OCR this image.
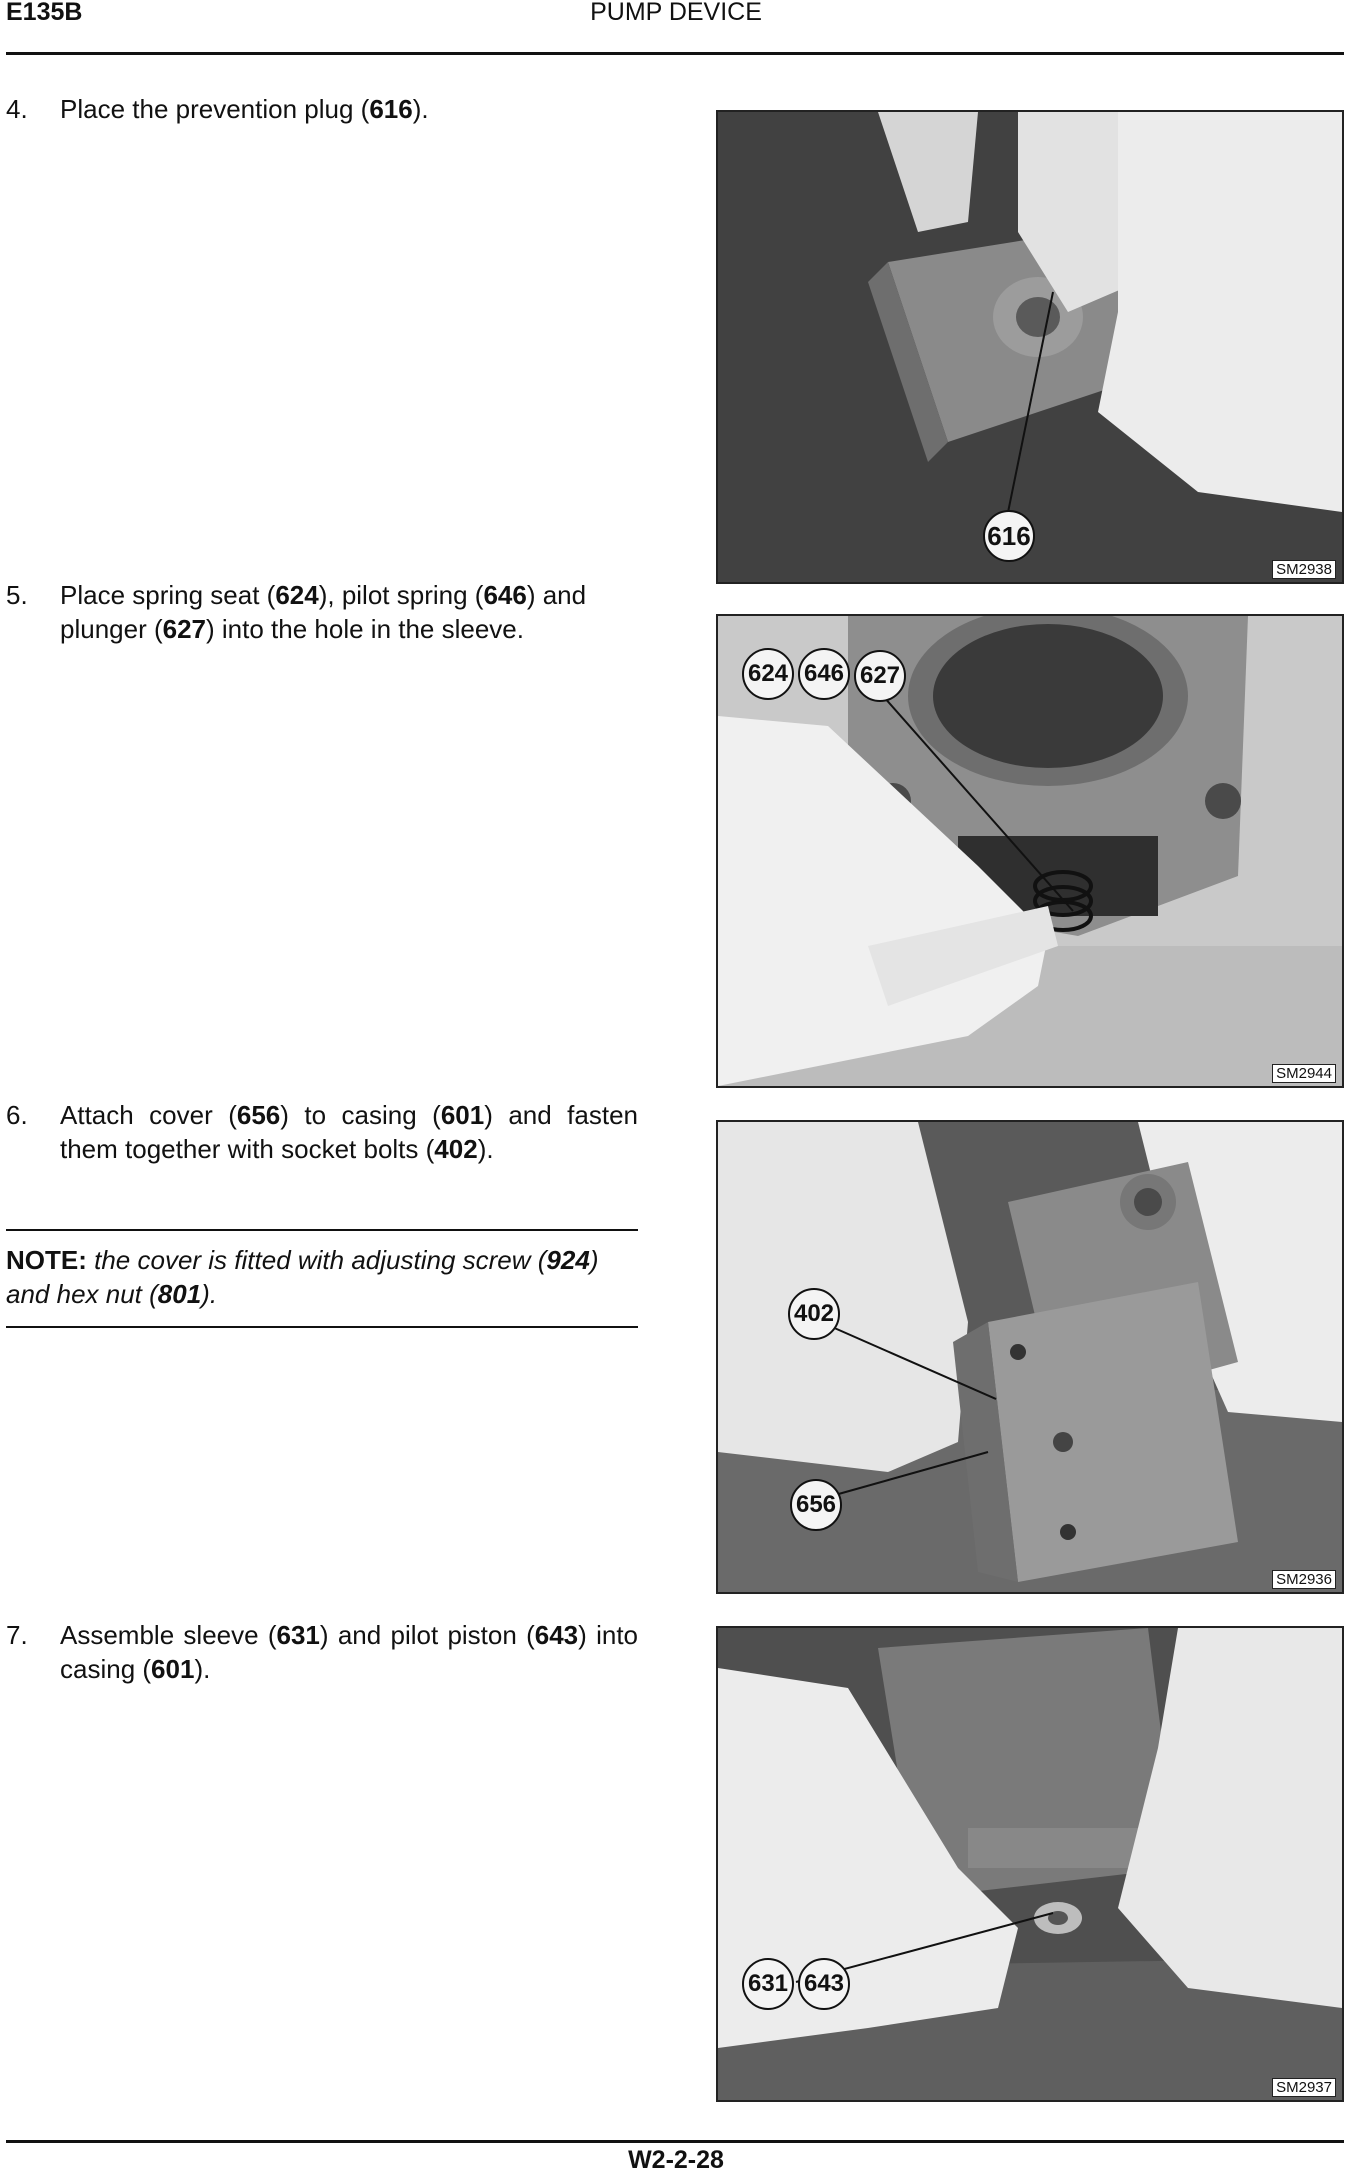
E135B	PUMP DEVICE
4. Place the prevention plug (616).
5. Place spring seat (624), pilot spring (646) and plunger (627) into the hole in the sleeve.
6. Attach cover (656) to casing (601) and fasten them together with socket bolts (402).
NOTE: the cover is fitted with adjusting screw (924) and hex nut (801).
7. Assemble sleeve (631) and pilot piston (643) into casing (601).
616
SM2938
624 646 627
SM2944
402
656
SM2936
631 643
SM2937
W2-2-28
